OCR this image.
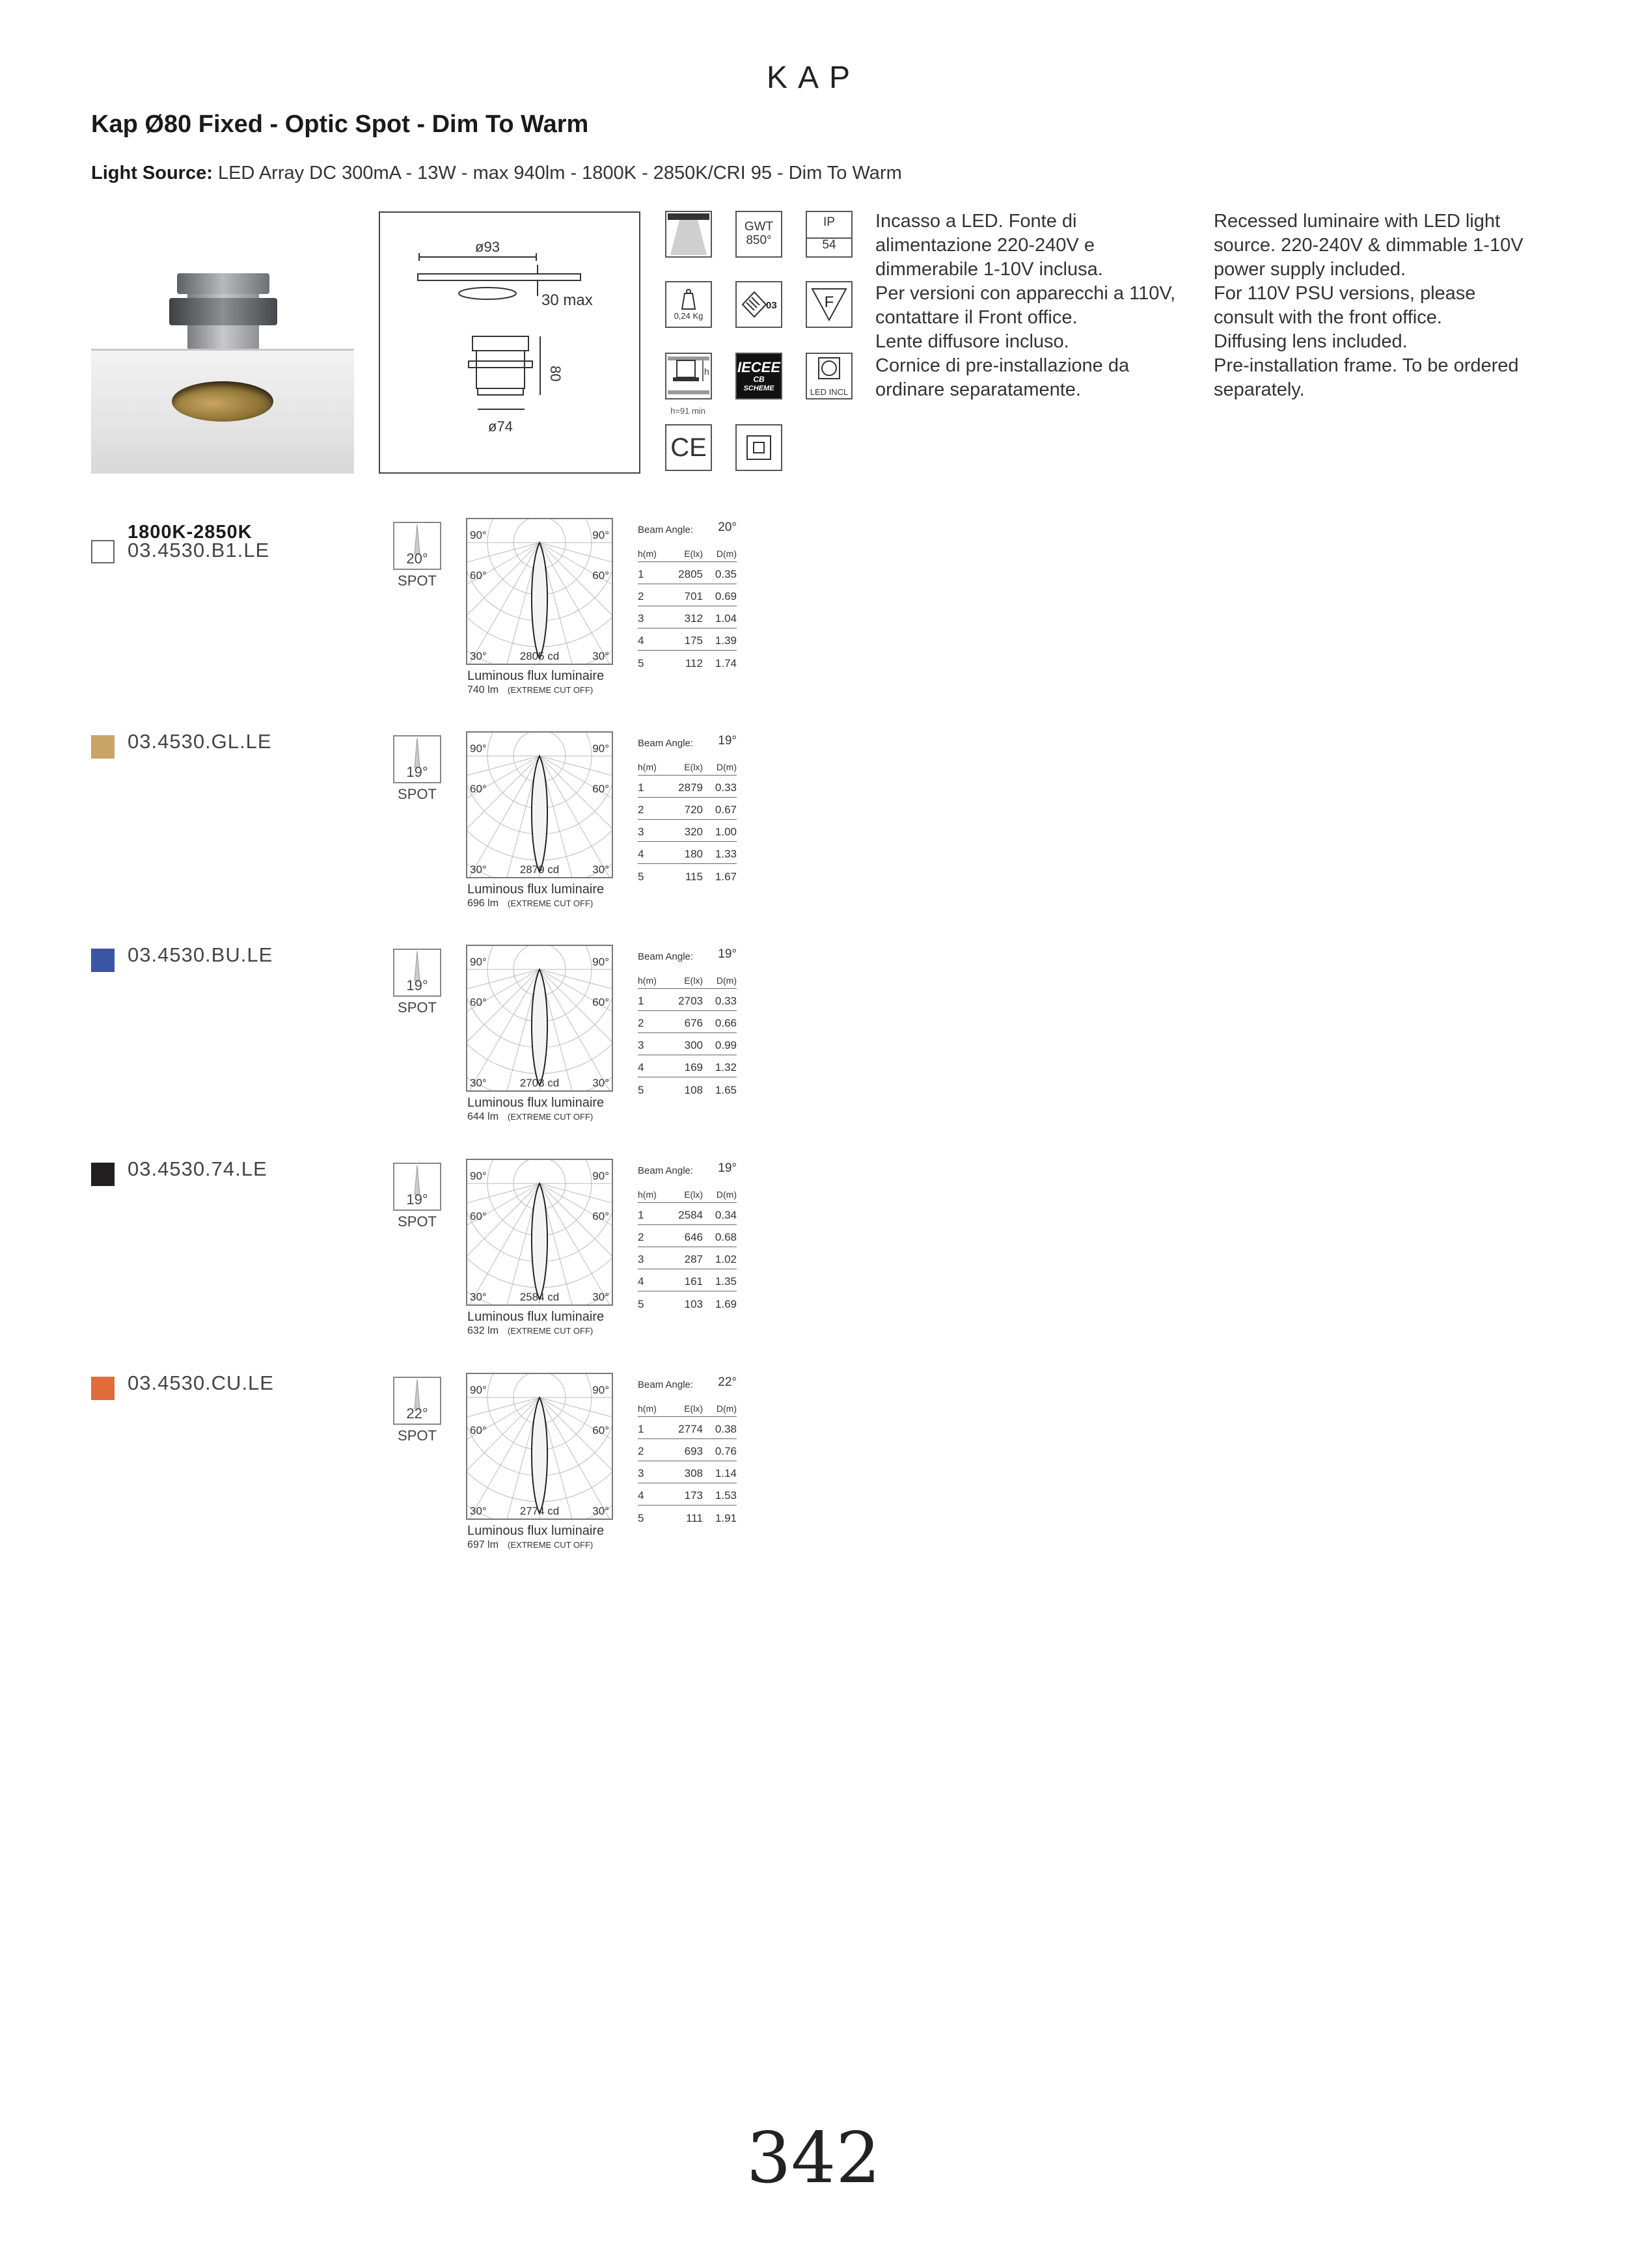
KAP
Kap Ø80 Fixed - Optic Spot - Dim To Warm
Light Source: LED Array DC 300mA - 13W - max 940lm - 1800K - 2850K/CRI 95 - Dim To Warm
ø93
30 max
80
ø74
GWT
850°
IP
54
0,24 Kg
03	F
h
h=91 min
IECEE
CB
SCHEME	LED INCL
CE
Incasso a LED. Fonte di
alimentazione 220-240V e
dimmerabile 1-10V inclusa.
Per versioni con apparecchi a 110V,
contattare il Front office.
Lente diffusore incluso.
Cornice di pre-installazione da
ordinare separatamente.
Recessed luminaire with LED light
source. 220-240V & dimmable 1-10V
power supply included.
For 110V PSU versions, please
consult with the front office.
Diffusing lens included.
Pre-installation frame. To be ordered
separately.
1800K-2850K
03.4530.B1.LE	20°
SPOT
90°	90°
60°	60°
30°	30°
2805 cd
Luminous flux luminaire
740 lm (EXTREME CUT OFF)
Beam Angle: 20°
h(m)	E(lx) D(m)
1	2805 0.35
2	701 0.69
3	312 1.04
4	175 1.39
5	112 1.74
03.4530.GL.LE
19°
SPOT
90°	90°
60°	60°
30°	30°
2879 cd
Luminous flux luminaire
696 lm (EXTREME CUT OFF)
Beam Angle: 19°
h(m)	E(lx) D(m)
1	2879 0.33
2	720 0.67
3	320 1.00
4	180 1.33
5	115 1.67
03.4530.BU.LE
19°
SPOT
90°	90°
60°	60°
30°	30°
2703 cd
Luminous flux luminaire
644 lm (EXTREME CUT OFF)
Beam Angle: 19°
h(m)	E(lx) D(m)
1	2703 0.33
2	676 0.66
3	300 0.99
4	169 1.32
5	108 1.65
03.4530.74.LE
19°
SPOT
90°	90°
60°	60°
30°	30°
2584 cd
Luminous flux luminaire
632 lm (EXTREME CUT OFF)
Beam Angle: 19°
h(m)	E(lx) D(m)
1	2584 0.34
2	646 0.68
3	287 1.02
4	161 1.35
5	103 1.69
03.4530.CU.LE
22°
SPOT
90°	90°
60°	60°
30°	30°
2774 cd
Luminous flux luminaire
697 lm (EXTREME CUT OFF)
Beam Angle: 22°
h(m)	E(lx) D(m)
1	2774 0.38
2	693 0.76
3	308 1.14
4	173 1.53
5	111 1.91
342
